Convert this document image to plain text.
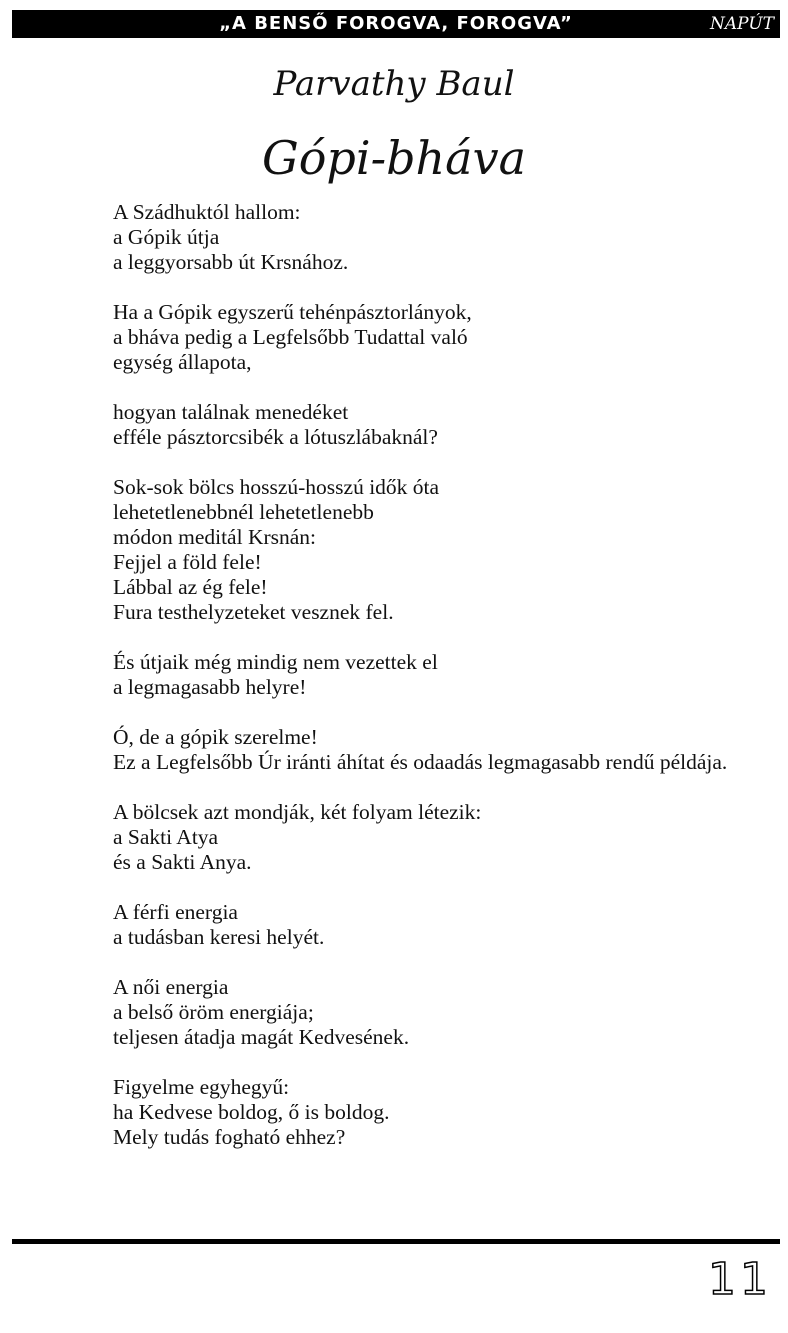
„A BENSŐ FOROGVA, FOROGVA”	NAPÚT
Parvathy Baul
Gópi-bháva
A Szádhuktól hallom:
a Gópik útja
a leggyorsabb út Krsnához.
Ha a Gópik egyszerű tehénpásztorlányok,
a bháva pedig a Legfelsőbb Tudattal való
egység állapota,
hogyan találnak menedéket
efféle pásztorcsibék a lótuszlábaknál?
Sok-sok bölcs hosszú-hosszú idők óta
lehetetlenebbnél lehetetlenebb
módon meditál Krsnán:
Fejjel a föld fele!
Lábbal az ég fele!
Fura testhelyzeteket vesznek fel.
És útjaik még mindig nem vezettek el
a legmagasabb helyre!
Ó, de a gópik szerelme!
Ez a Legfelsőbb Úr iránti áhítat és odaadás legmagasabb rendű példája.
A bölcsek azt mondják, két folyam létezik:
a Sakti Atya
és a Sakti Anya.
A férfi energia
a tudásban keresi helyét.
A női energia
a belső öröm energiája;
teljesen átadja magát Kedvesének.
Figyelme egyhegyű:
ha Kedvese boldog, ő is boldog.
Mely tudás fogható ehhez?
11
